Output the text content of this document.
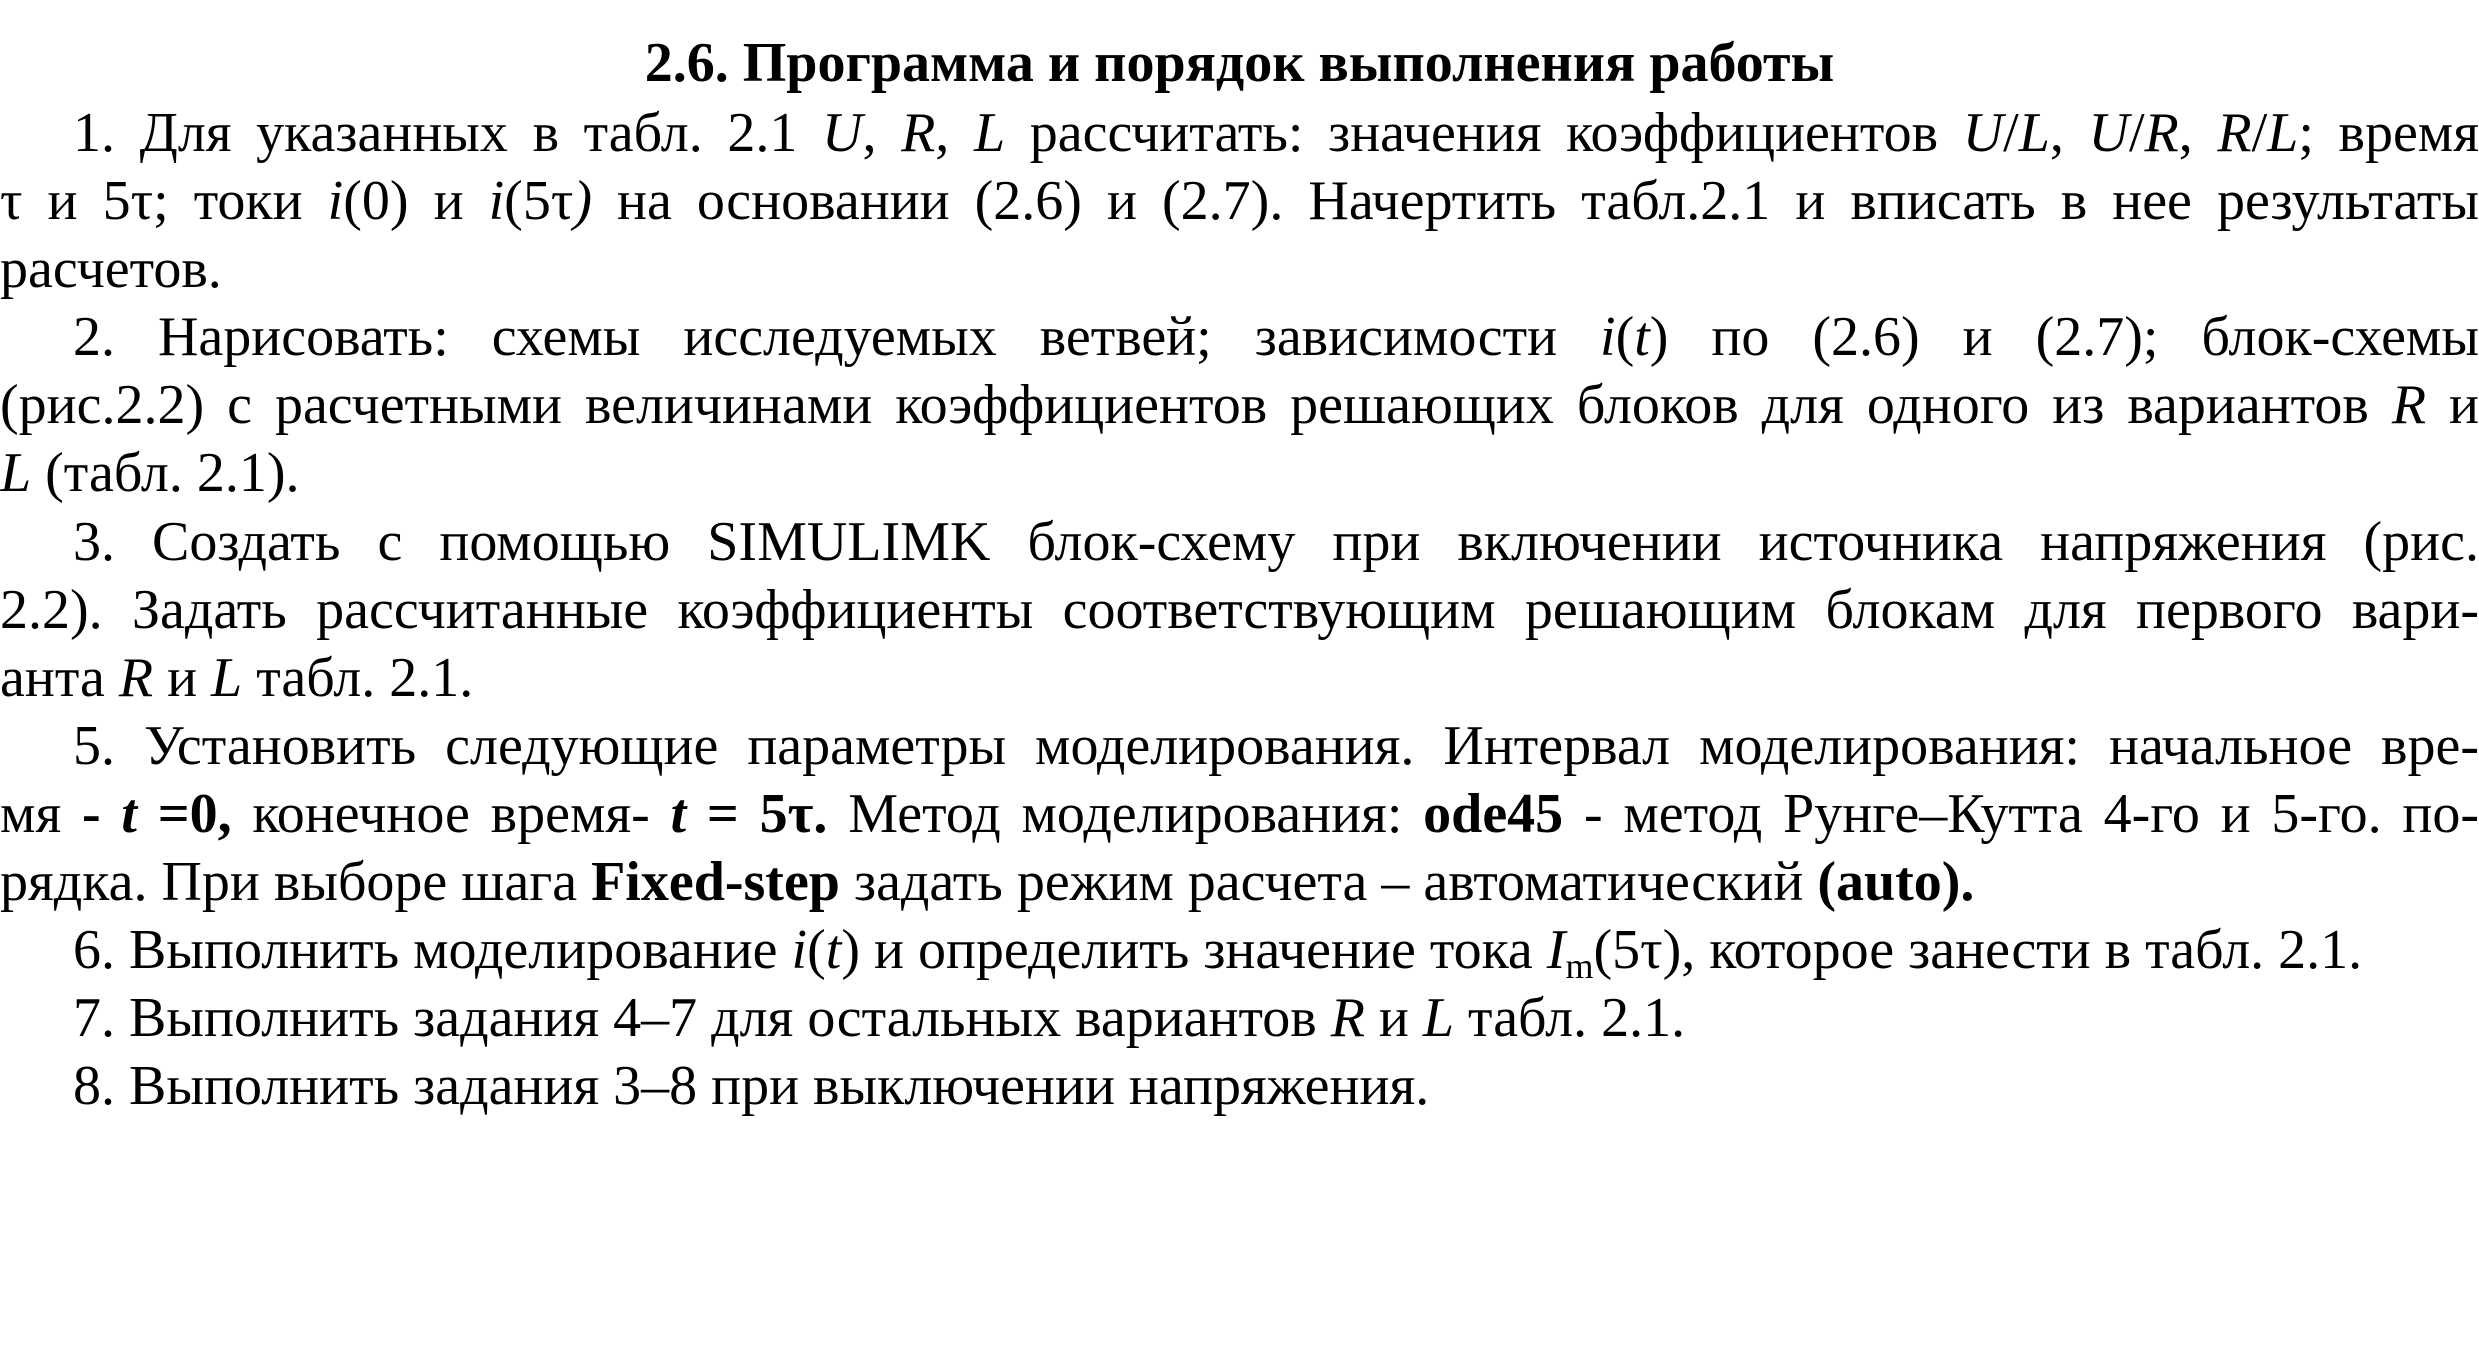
2.6. Программа и порядок выполнения работы
1. Для указанных в табл. 2.1 U, R, L рассчитать: значения коэффициентов U/L, U/R, R/L; время
τ и 5τ; токи i(0) и i(5τ) на основании (2.6) и (2.7). Начертить табл.2.1 и вписать в нее результаты
расчетов.
2. Нарисовать: схемы исследуемых ветвей; зависимости i(t) по (2.6) и (2.7); блок-схемы
(рис.2.2) с расчетными величинами коэффициентов решающих блоков для одного из вариантов R и
L (табл. 2.1).
3. Создать с помощью SIMULIMK блок-схему при включении источника напряжения (рис.
2.2). Задать рассчитанные коэффициенты соответствующим решающим блокам для первого вари-
анта R и L табл. 2.1.
5. Установить следующие параметры моделирования. Интервал моделирования: начальное вре-
мя - t =0, конечное время- t = 5τ. Метод моделирования: ode45 - метод Рунге–Кутта 4-го и 5-го. по-
рядка. При выборе шага Fixed-step задать режим расчета – автоматический (auto).
6. Выполнить моделирование i(t) и определить значение тока $I_m(5\tau)$, которое занести в табл. 2.1.
7. Выполнить задания 4–7 для остальных вариантов R и L табл. 2.1.
8. Выполнить задания 3–8 при выключении напряжения.
